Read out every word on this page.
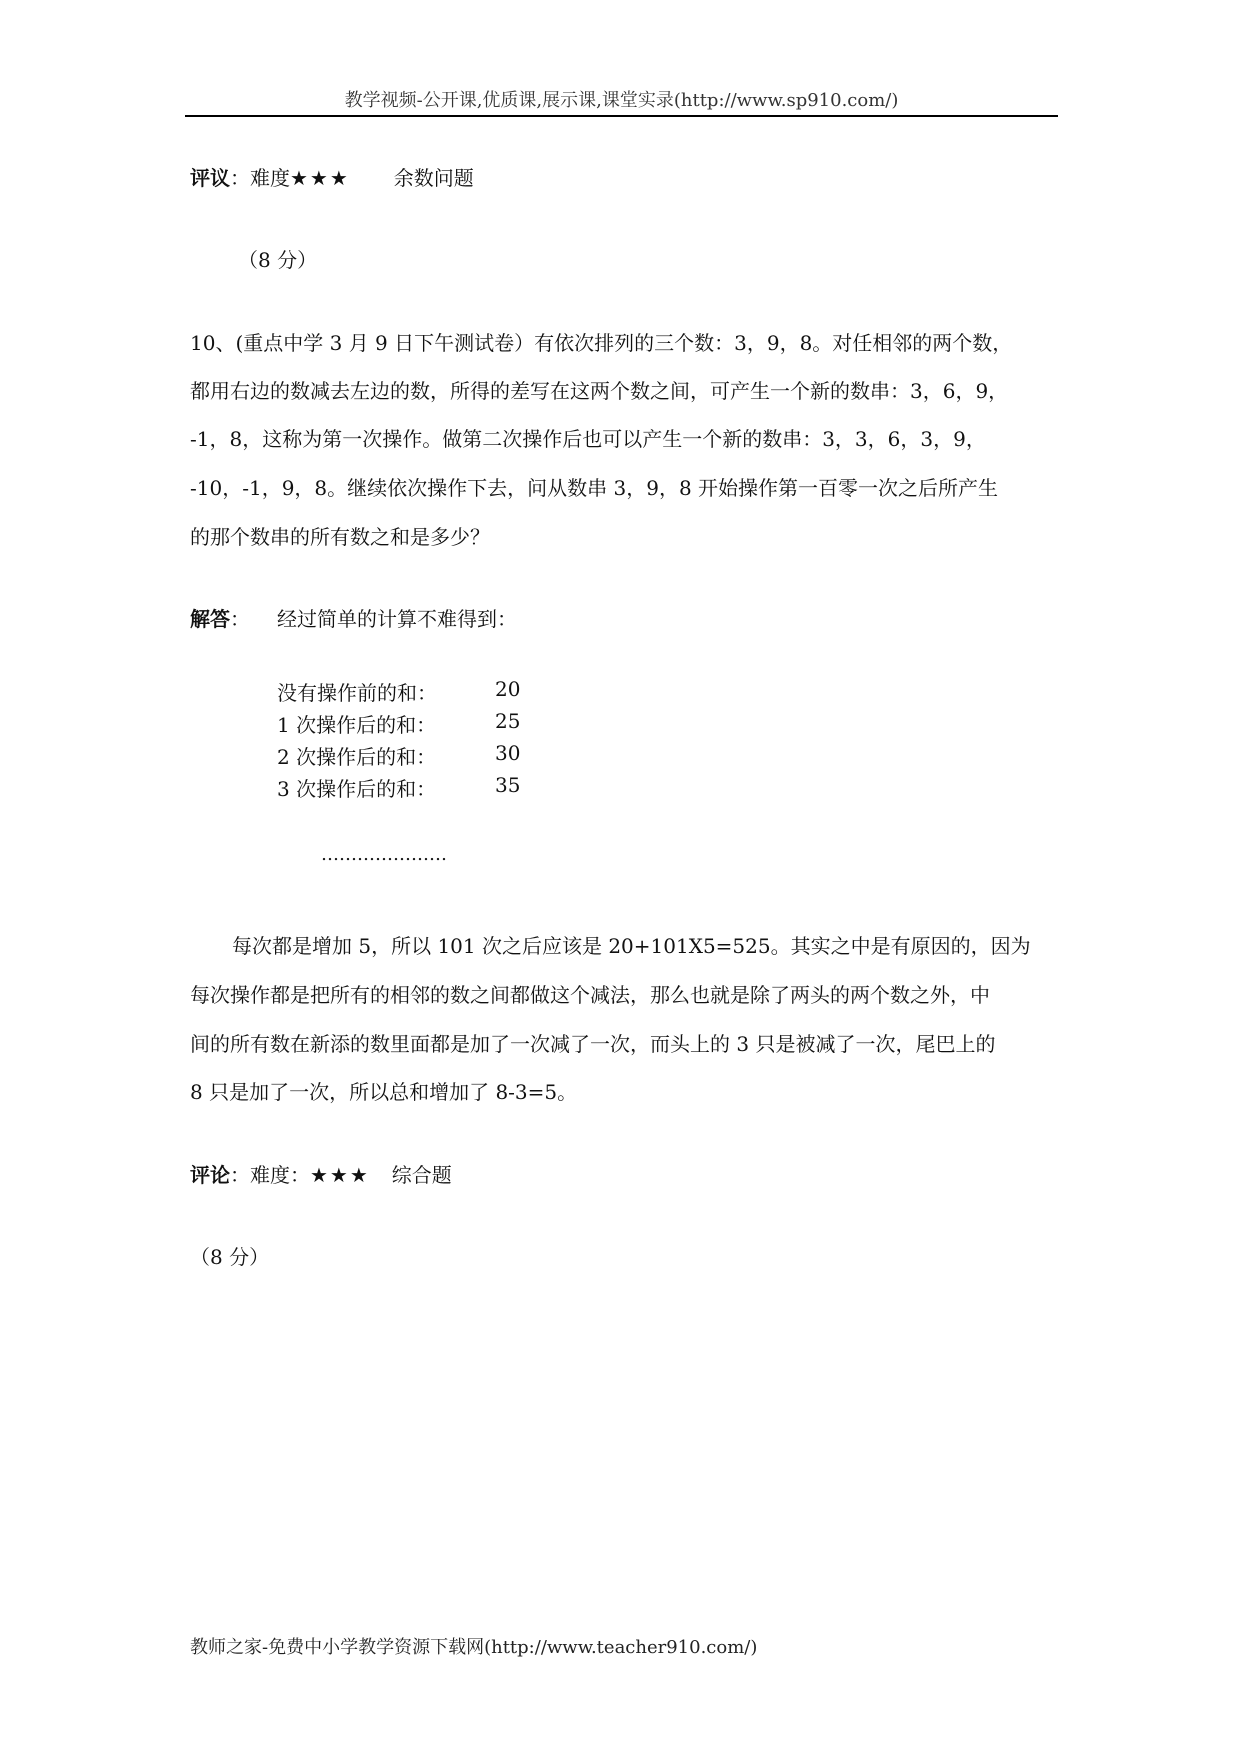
教学视频-公开课,优质课,展示课,课堂实录(http://www.sp910.com/)
评议：难度★★★ 余数问题
（8 分）
10、(重点中学 3 月 9 日下午测试卷）有依次排列的三个数：3，9，8。对任相邻的两个数，
都用右边的数减去左边的数，所得的差写在这两个数之间，可产生一个新的数串：3，6，9，
-1，8，这称为第一次操作。做第二次操作后也可以产生一个新的数串：3，3，6，3，9，
-10，-1，9，8。继续依次操作下去，问从数串 3，9，8 开始操作第一百零一次之后所产生
的那个数串的所有数之和是多少？
解答： 经过简单的计算不难得到：
没有操作前的和：	20
1 次操作后的和：	25
2 次操作后的和：	30
3 次操作后的和：	35
…………………
每次都是增加 5，所以 101 次之后应该是 20+101X5=525。其实之中是有原因的，因为
每次操作都是把所有的相邻的数之间都做这个减法，那么也就是除了两头的两个数之外，中
间的所有数在新添的数里面都是加了一次减了一次，而头上的 3 只是被减了一次，尾巴上的
8 只是加了一次，所以总和增加了 8-3=5。
评论：难度：★★★ 综合题
（8 分）
教师之家-免费中小学教学资源下载网(http://www.teacher910.com/)
